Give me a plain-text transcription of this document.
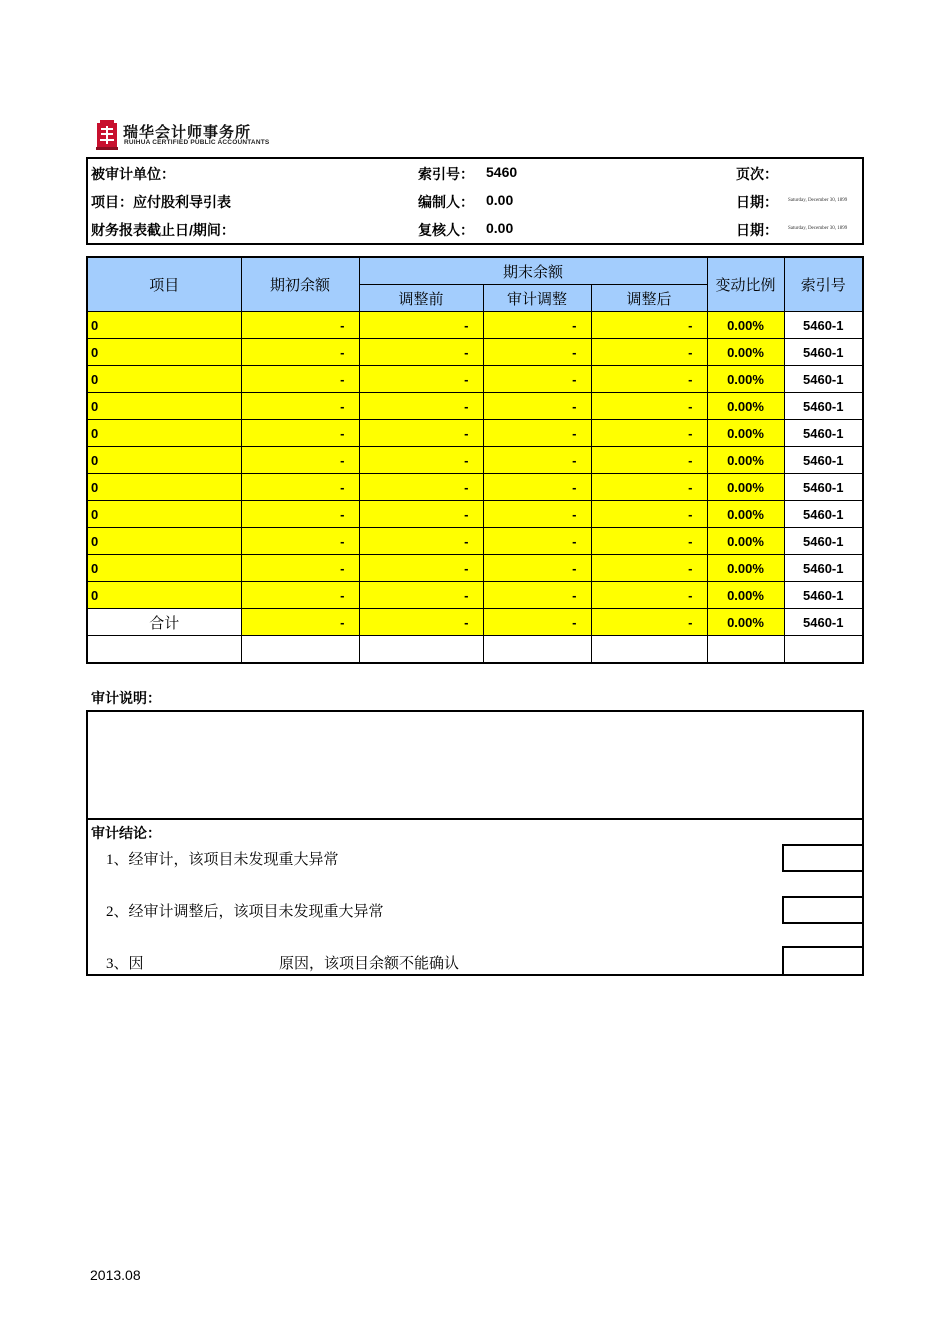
瑞华会计师事务所
RUIHUA CERTIFIED PUBLIC ACCOUNTANTS
被审计单位：	索引号： 5460	页次：
项目：应付股利导引表	编制人： 0.00	日期： Saturday, December 30, 1899
财务报表截止日/期间：	复核人： 0.00	日期： Saturday, December 30, 1899
项目	期初余额	期末余额			变动比例	索引号
		调整前	审计调整	调整后		
0	-	-	-	-	0.00%	5460-1
0	-	-	-	-	0.00%	5460-1
0	-	-	-	-	0.00%	5460-1
0	-	-	-	-	0.00%	5460-1
0	-	-	-	-	0.00%	5460-1
0	-	-	-	-	0.00%	5460-1
0	-	-	-	-	0.00%	5460-1
0	-	-	-	-	0.00%	5460-1
0	-	-	-	-	0.00%	5460-1
0	-	-	-	-	0.00%	5460-1
0	-	-	-	-	0.00%	5460-1
合计	-	-	-	-	0.00%	5460-1

审计说明：
审计结论：
1、经审计，该项目未发现重大异常
2、经审计调整后，该项目未发现重大异常
3、因	原因，该项目余额不能确认
2013.08
